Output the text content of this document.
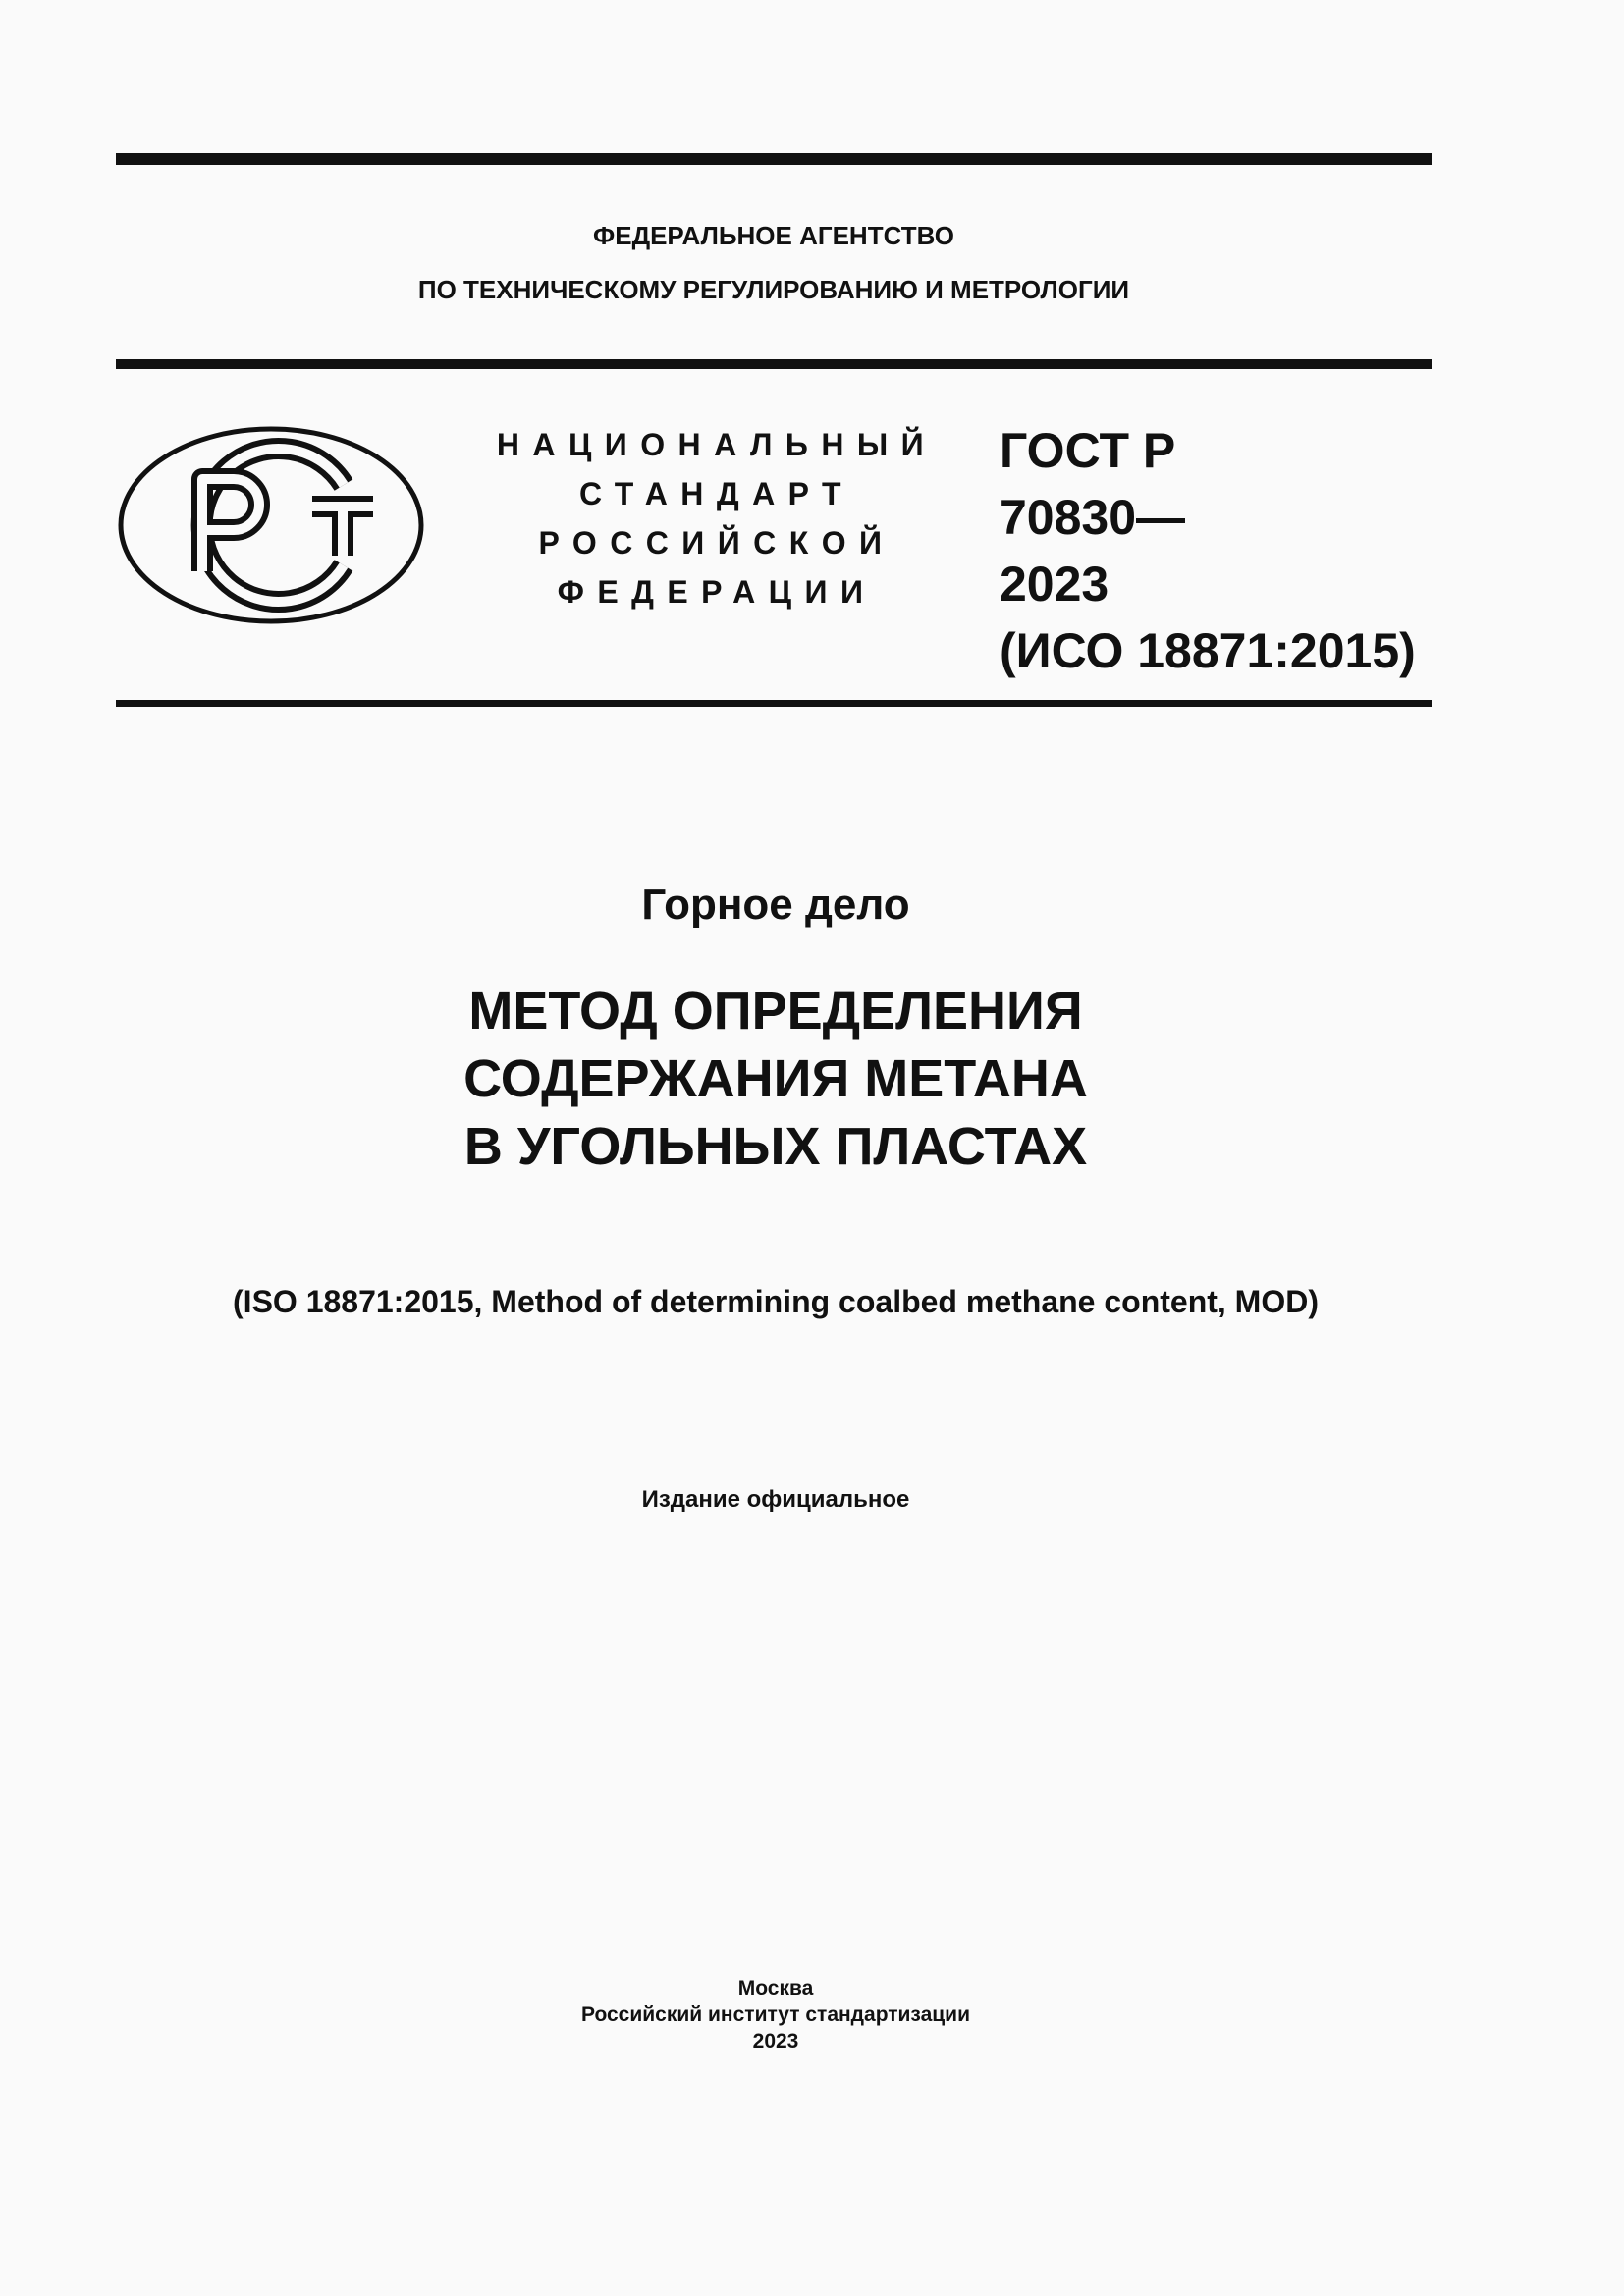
ФЕДЕРАЛЬНОЕ АГЕНТСТВО
ПО ТЕХНИЧЕСКОМУ РЕГУЛИРОВАНИЮ И МЕТРОЛОГИИ
НАЦИОНАЛЬНЫЙ
СТАНДАРТ
РОССИЙСКОЙ
ФЕДЕРАЦИИ
ГОСТ Р
70830—
2023
(ИСО 18871:2015)
Горное дело
МЕТОД ОПРЕДЕЛЕНИЯ
СОДЕРЖАНИЯ МЕТАНА
В УГОЛЬНЫХ ПЛАСТАХ
(ISO 18871:2015, Method of determining coalbed methane content, MOD)
Издание официальное
Москва
Российский институт стандартизации
2023
